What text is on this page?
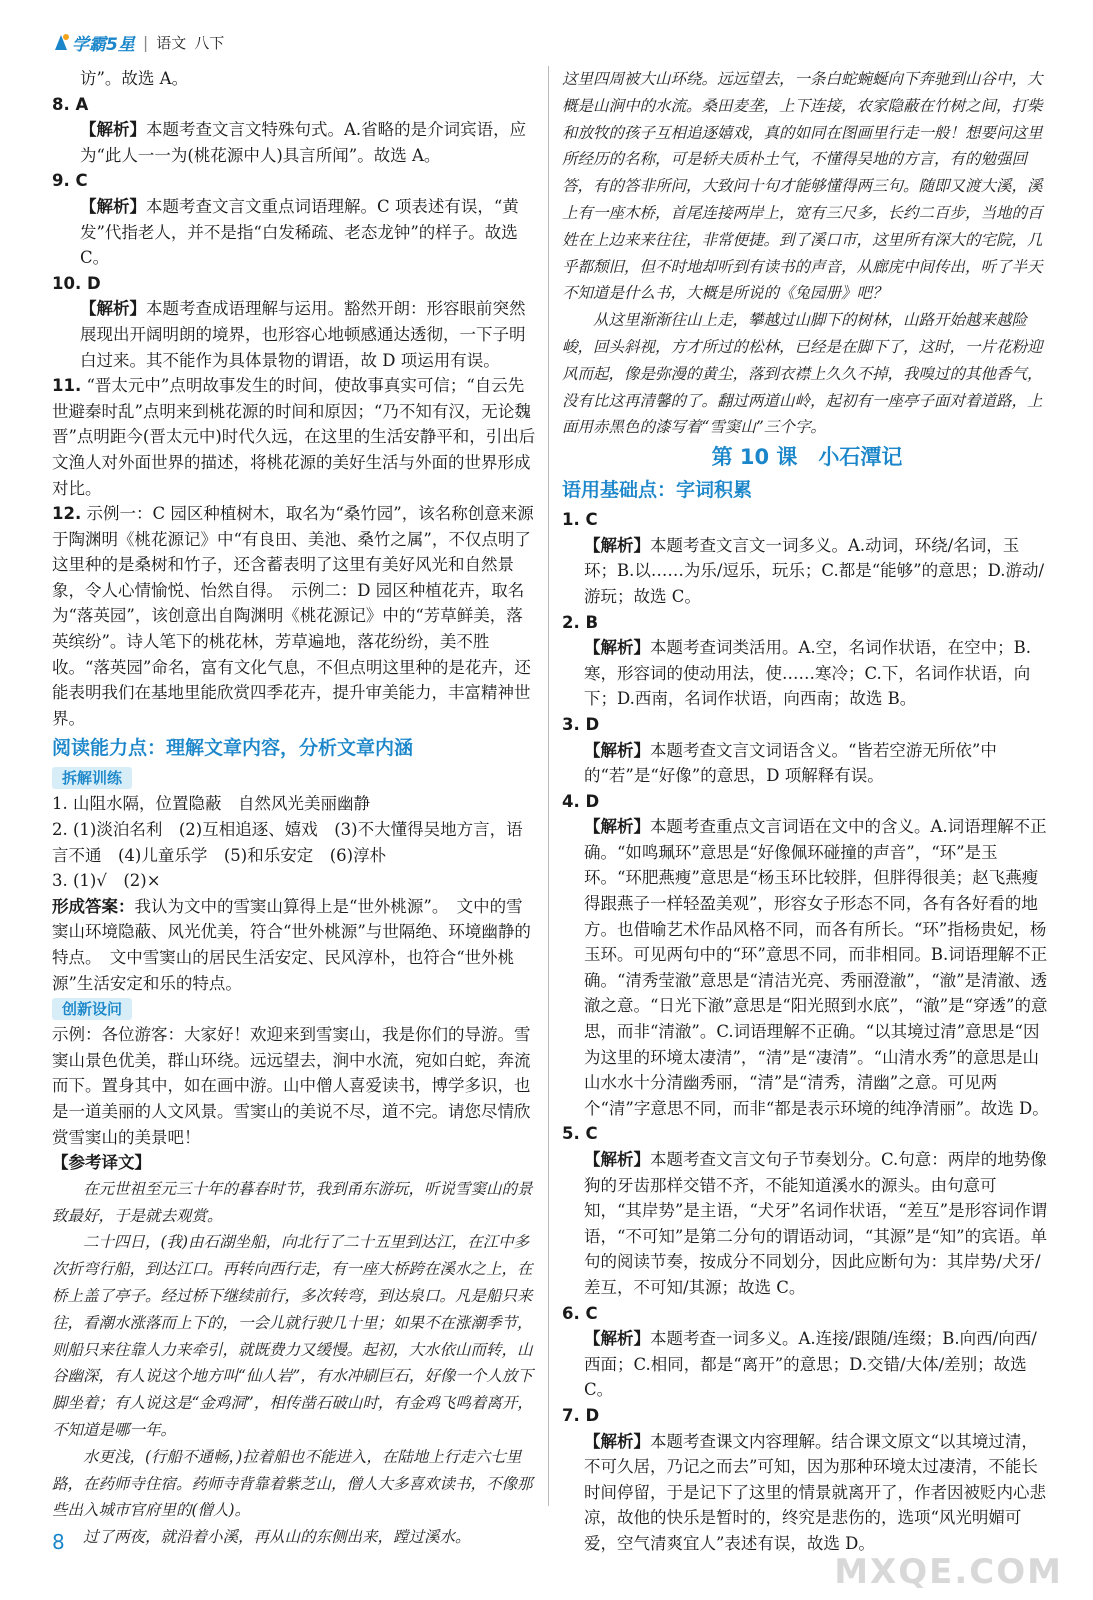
学霸5星 | 语文 八下

访”。故选 A。

8. A

【解析】本题考查文言文特殊句式。A.省略的是介词宾语，应为“此人一一为(桃花源中人)具言所闻”。故选 A。

9. C

【解析】本题考查文言文重点词语理解。C 项表述有误，“黄发”代指老人，并不是指“白发稀疏、老态龙钟”的样子。故选 C。

10. D

【解析】本题考查成语理解与运用。豁然开朗：形容眼前突然展现出开阔明朗的境界，也形容心地顿感通达透彻，一下子明白过来。其不能作为具体景物的谓语，故 D 项运用有误。

11. “晋太元中”点明故事发生的时间，使故事真实可信；“自云先世避秦时乱”点明来到桃花源的时间和原因；“乃不知有汉，无论魏晋”点明距今(晋太元中)时代久远，在这里的生活安静平和，引出后文渔人对外面世界的描述，将桃花源的美好生活与外面的世界形成对比。

12. 示例一：C 园区种植树木，取名为“桑竹园”，该名称创意来源于陶渊明《桃花源记》中“有良田、美池、桑竹之属”，不仅点明了这里种的是桑树和竹子，还含蓄表明了这里有美好风光和自然景象，令人心情愉悦、怡然自得。　示例二：D 园区种植花卉，取名为“落英园”，该创意出自陶渊明《桃花源记》中的“芳草鲜美，落英缤纷”。诗人笔下的桃花林，芳草遍地，落花纷纷，美不胜收。“落英园”命名，富有文化气息，不但点明这里种的是花卉，还能表明我们在基地里能欣赏四季花卉，提升审美能力，丰富精神世界。

阅读能力点：理解文章内容，分析文章内涵
拆解训练

1. 山阻水隔，位置隐蔽　自然风光美丽幽静

2. (1)淡泊名利　(2)互相追逐、嬉戏　(3)不大懂得吴地方言，语言不通　(4)儿童乐学　(5)和乐安定　(6)淳朴

3. (1)√　(2)×

形成答案：我认为文中的雪窦山算得上是“世外桃源”。　文中的雪窦山环境隐蔽、风光优美，符合“世外桃源”与世隔绝、环境幽静的特点。　文中雪窦山的居民生活安定、民风淳朴，也符合“世外桃源”生活安定和乐的特点。

创新设问

示例：各位游客：大家好！欢迎来到雪窦山，我是你们的导游。雪窦山景色优美，群山环绕。远远望去，涧中水流，宛如白蛇，奔流而下。置身其中，如在画中游。山中僧人喜爱读书，博学多识，也是一道美丽的人文风景。雪窦山的美说不尽，道不完。请您尽情欣赏雪窦山的美景吧！

【参考译文】

在元世祖至元三十年的暮春时节，我到甬东游玩，听说雪窦山的景致最好，于是就去观赏。

二十四日，(我)由石湖坐船，向北行了二十五里到达江，在江中多次折弯行船，到达江口。再转向西行走，有一座大桥跨在溪水之上，在桥上盖了亭子。经过桥下继续前行，多次转弯，到达泉口。凡是船只来往，看潮水涨落而上下的，一会儿就行驶几十里；如果不在涨潮季节，则船只来往靠人力来牵引，就既费力又缓慢。起初，大水依山而转，山谷幽深，有人说这个地方叫“仙人岩”，有水冲刷巨石，好像一个人放下脚坐着；有人说这是“金鸡洞”，相传凿石破山时，有金鸡飞鸣着离开，不知道是哪一年。

水更浅，(行船不通畅，)拉着船也不能进入，在陆地上行走六七里路，在药师寺住宿。药师寺背靠着紫芝山，僧人大多喜欢读书，不像那些出入城市官府里的(僧人)。

过了两夜，就沿着小溪，再从山的东侧出来，蹚过溪水。

这里四周被大山环绕。远远望去，一条白蛇蜿蜒向下奔驰到山谷中，大概是山涧中的水流。桑田麦垄，上下连接，农家隐蔽在竹树之间，打柴和放牧的孩子互相追逐嬉戏，真的如同在图画里行走一般！想要问这里所经历的名称，可是轿夫质朴土气，不懂得吴地的方言，有的勉强回答，有的答非所问，大致问十句才能够懂得两三句。随即又渡大溪，溪上有一座木桥，首尾连接两岸上，宽有三尺多，长约二百步，当地的百姓在上边来来往往，非常便捷。到了溪口市，这里所有深大的宅院，几乎都颓旧，但不时地却听到有读书的声音，从廊庑中间传出，听了半天不知道是什么书，大概是所说的《兔园册》吧？

从这里渐渐往山上走，攀越过山脚下的树林，山路开始越来越险峻，回头斜视，方才所过的松林，已经是在脚下了，这时，一片花粉迎风而起，像是弥漫的黄尘，落到衣襟上久久不掉，我嗅过的其他香气，没有比这再清馨的了。翻过两道山岭，起初有一座亭子面对着道路，上面用赤黑色的漆写着“雪窦山”三个字。

第 10 课　小石潭记
语用基础点：字词积累

1. C

【解析】本题考查文言文一词多义。A.动词，环绕/名词，玉环；B.以……为乐/逗乐，玩乐；C.都是“能够”的意思；D.游动/游玩；故选 C。

2. B

【解析】本题考查词类活用。A.空，名词作状语，在空中；B.寒，形容词的使动用法，使……寒冷；C.下，名词作状语，向下；D.西南，名词作状语，向西南；故选 B。

3. D

【解析】本题考查文言文词语含义。“皆若空游无所依”中的“若”是“好像”的意思，D 项解释有误。

4. D

【解析】本题考查重点文言词语在文中的含义。A.词语理解不正确。“如鸣珮环”意思是“好像佩环碰撞的声音”，“环”是玉环。“环肥燕瘦”意思是“杨玉环比较胖，但胖得很美；赵飞燕瘦得跟燕子一样轻盈美观”，形容女子形态不同，各有各好看的地方。也借喻艺术作品风格不同，而各有所长。“环”指杨贵妃，杨玉环。可见两句中的“环”意思不同，而非相同。B.词语理解不正确。“清秀莹澈”意思是“清洁光亮、秀丽澄澈”，“澈”是清澈、透澈之意。“日光下澈”意思是“阳光照到水底”，“澈”是“穿透”的意思，而非“清澈”。C.词语理解不正确。“以其境过清”意思是“因为这里的环境太凄清”，“清”是“凄清”。“山清水秀”的意思是山山水水十分清幽秀丽，“清”是“清秀，清幽”之意。可见两个“清”字意思不同，而非“都是表示环境的纯净清丽”。故选 D。

5. C

【解析】本题考查文言文句子节奏划分。C.句意：两岸的地势像狗的牙齿那样交错不齐，不能知道溪水的源头。由句意可知，“其岸势”是主语，“犬牙”名词作状语，“差互”是形容词作谓语，“不可知”是第二分句的谓语动词，“其源”是“知”的宾语。单句的阅读节奏，按成分不同划分，因此应断句为：其岸势/犬牙/差互，不可知/其源；故选 C。

6. C

【解析】本题考查一词多义。A.连接/跟随/连缀；B.向西/向西/西面；C.相同，都是“离开”的意思；D.交错/大体/差别；故选 C。

7. D

【解析】本题考查课文内容理解。结合课文原文“以其境过清，不可久居，乃记之而去”可知，因为那种环境太过凄清，不能长时间停留，于是记下了这里的情景就离开了，作者因被贬内心悲凉，故他的快乐是暂时的，终究是悲伤的，选项“风光明媚可爱，空气清爽宜人”表述有误，故选 D。

8
MXQE.COM
